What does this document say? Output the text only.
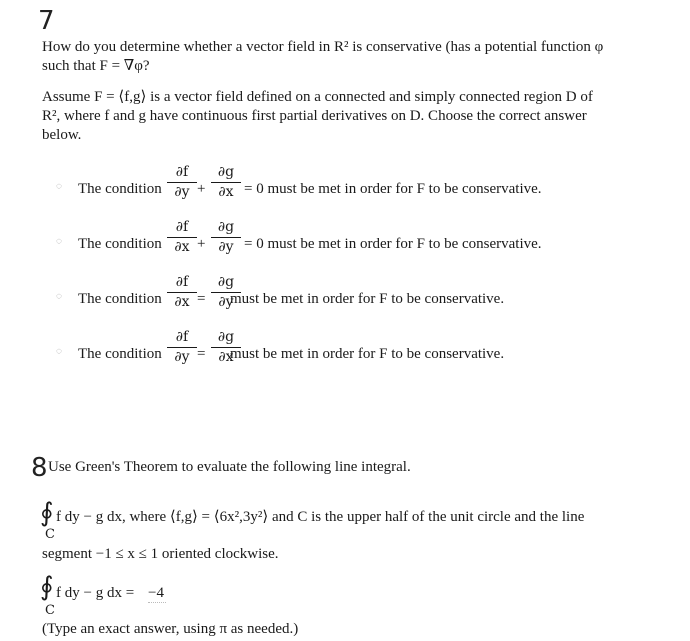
7
How do you determine whether a vector field in R² is conservative (has a potential function φ
such that F = ∇φ?
Assume F = ⟨f,g⟩ is a vector field defined on a connected and simply connected region D of
R², where f and g have continuous first partial derivatives on D. Choose the correct answer
below.
◌ The condition
∂f
∂y +
∂g
∂x = 0 must be met in order for F to be conservative.
◌ The condition
∂f
∂x +
∂g
∂y = 0 must be met in order for F to be conservative.
◌ The condition
∂f
∂x =
∂g
∂y
must be met in order for F to be conservative.
◌ The condition
∂f
∂y =
∂g
∂x
must be met in order for F to be conservative.
8 Use Green's Theorem to evaluate the following line integral.
∮ f dy − g dx, where ⟨f,g⟩ = ⟨6x²,3y²⟩ and C is the upper half of the unit circle and the line
C
segment −1 ≤ x ≤ 1 oriented clockwise.
∮ f dy − g dx = −4
C
(Type an exact answer, using π as needed.)
